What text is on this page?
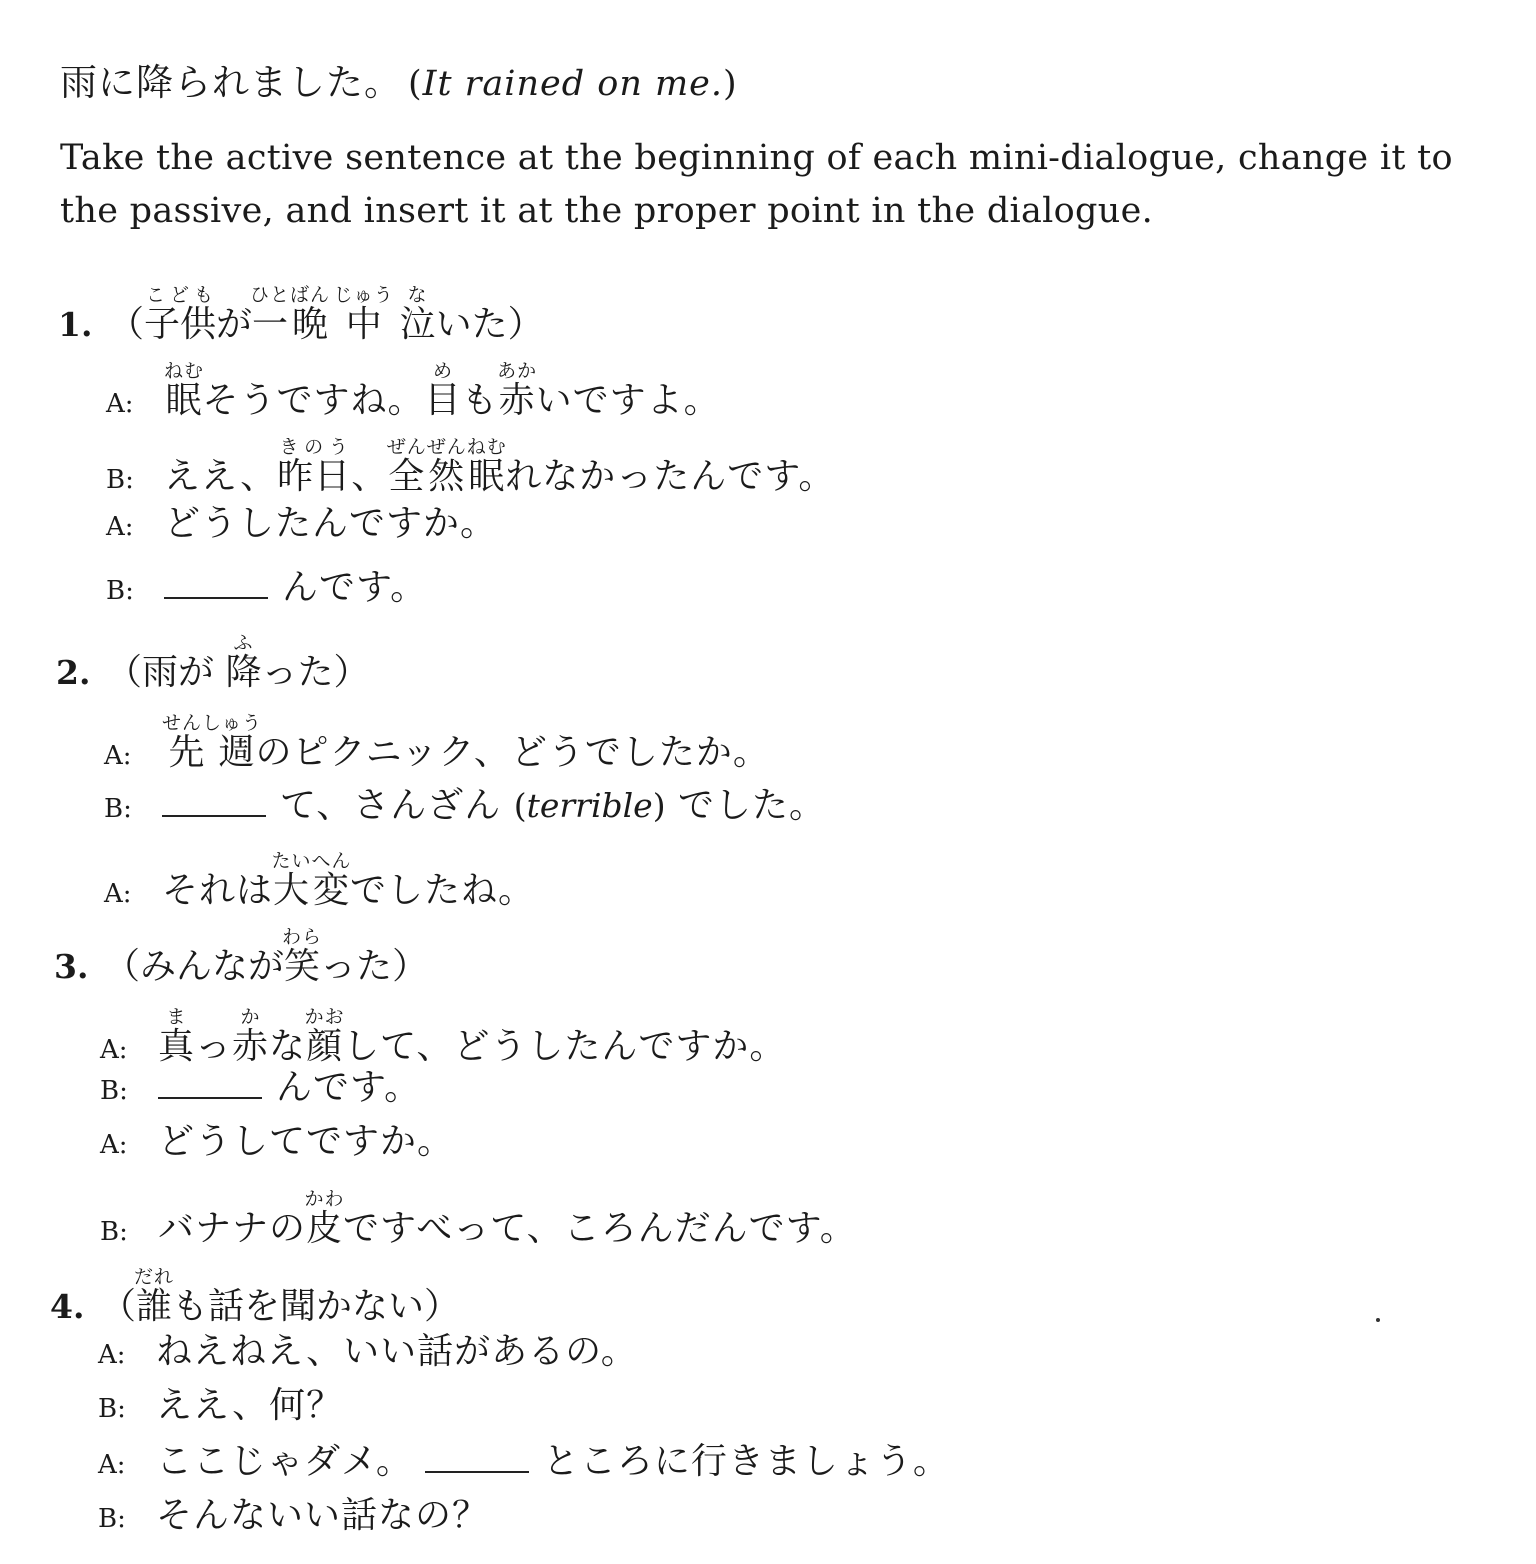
雨に降られました。 (It rained on me.)
Take the active sentence at the beginning of each mini-dialogue, change it to the passive, and insert it at the proper point in the dialogue.
1. （子供こどもが一晩ひとばん 中じゅう 泣ないた）
A: 眠ねむそうですね。目めも赤あかいですよ。
B: ええ、昨日きのう、全然ぜんぜん眠ねむれなかったんです。
A: どうしたんですか。
B:	んです。
2. （雨が 降ふった）
A: 先週せんしゅうのピクニック、どうでしたか。
B:	て、さんざん (terrible) でした。
A: それは大変たいへんでしたね。
3. （みんなが笑わらった）
A: 真まっ赤かな顔かおして、どうしたんですか。
B:	んです。
A: どうしてですか。
B: バナナの皮かわですべって、ころんだんです。
4. （誰だれも話を聞かない）
A: ねえねえ、いい話があるの。
B: ええ、何？
A: ここじゃダメ。	ところに行きましょう。
B: そんないい話なの？
